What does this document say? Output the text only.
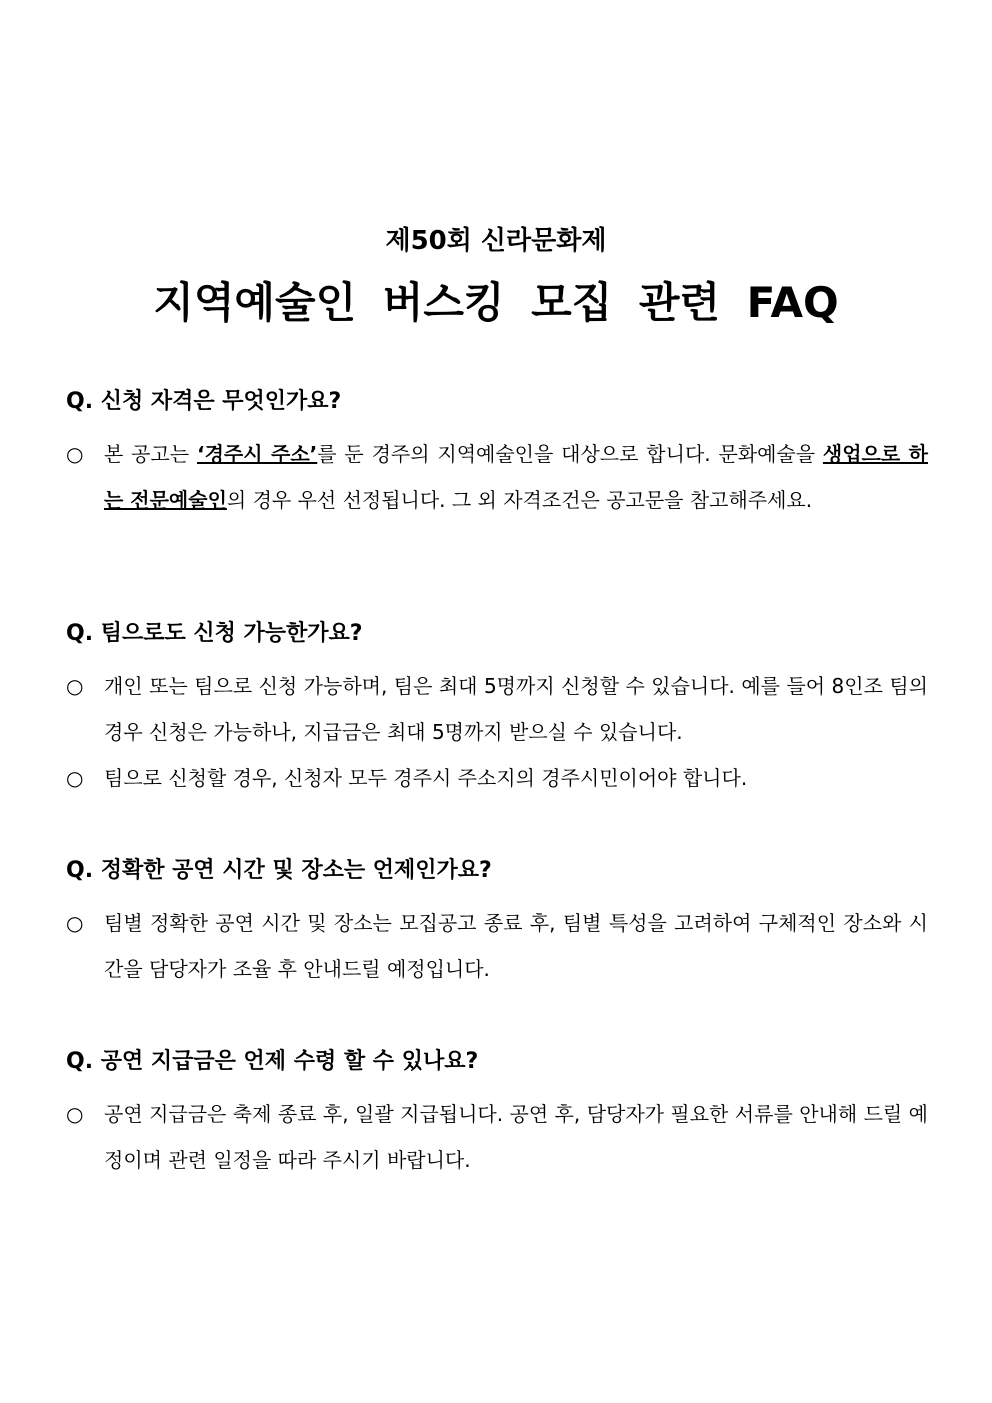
제50회 신라문화제
지역예술인 버스킹 모집 관련 FAQ
Q. 신청 자격은 무엇인가요?
○ 본 공고는 ‘경주시 주소’를 둔 경주의 지역예술인을 대상으로 합니다. 문화예술을 생업으로 하는 전문예술인의 경우 우선 선정됩니다. 그 외 자격조건은 공고문을 참고해주세요.
Q. 팀으로도 신청 가능한가요?
○ 개인 또는 팀으로 신청 가능하며, 팀은 최대 5명까지 신청할 수 있습니다. 예를 들어 8인조 팀의 경우 신청은 가능하나, 지급금은 최대 5명까지 받으실 수 있습니다.
○ 팀으로 신청할 경우, 신청자 모두 경주시 주소지의 경주시민이어야 합니다.
Q. 정확한 공연 시간 및 장소는 언제인가요?
○ 팀별 정확한 공연 시간 및 장소는 모집공고 종료 후, 팀별 특성을 고려하여 구체적인 장소와 시간을 담당자가 조율 후 안내드릴 예정입니다.
Q. 공연 지급금은 언제 수령 할 수 있나요?
○ 공연 지급금은 축제 종료 후, 일괄 지급됩니다. 공연 후, 담당자가 필요한 서류를 안내해 드릴 예정이며 관련 일정을 따라 주시기 바랍니다.
